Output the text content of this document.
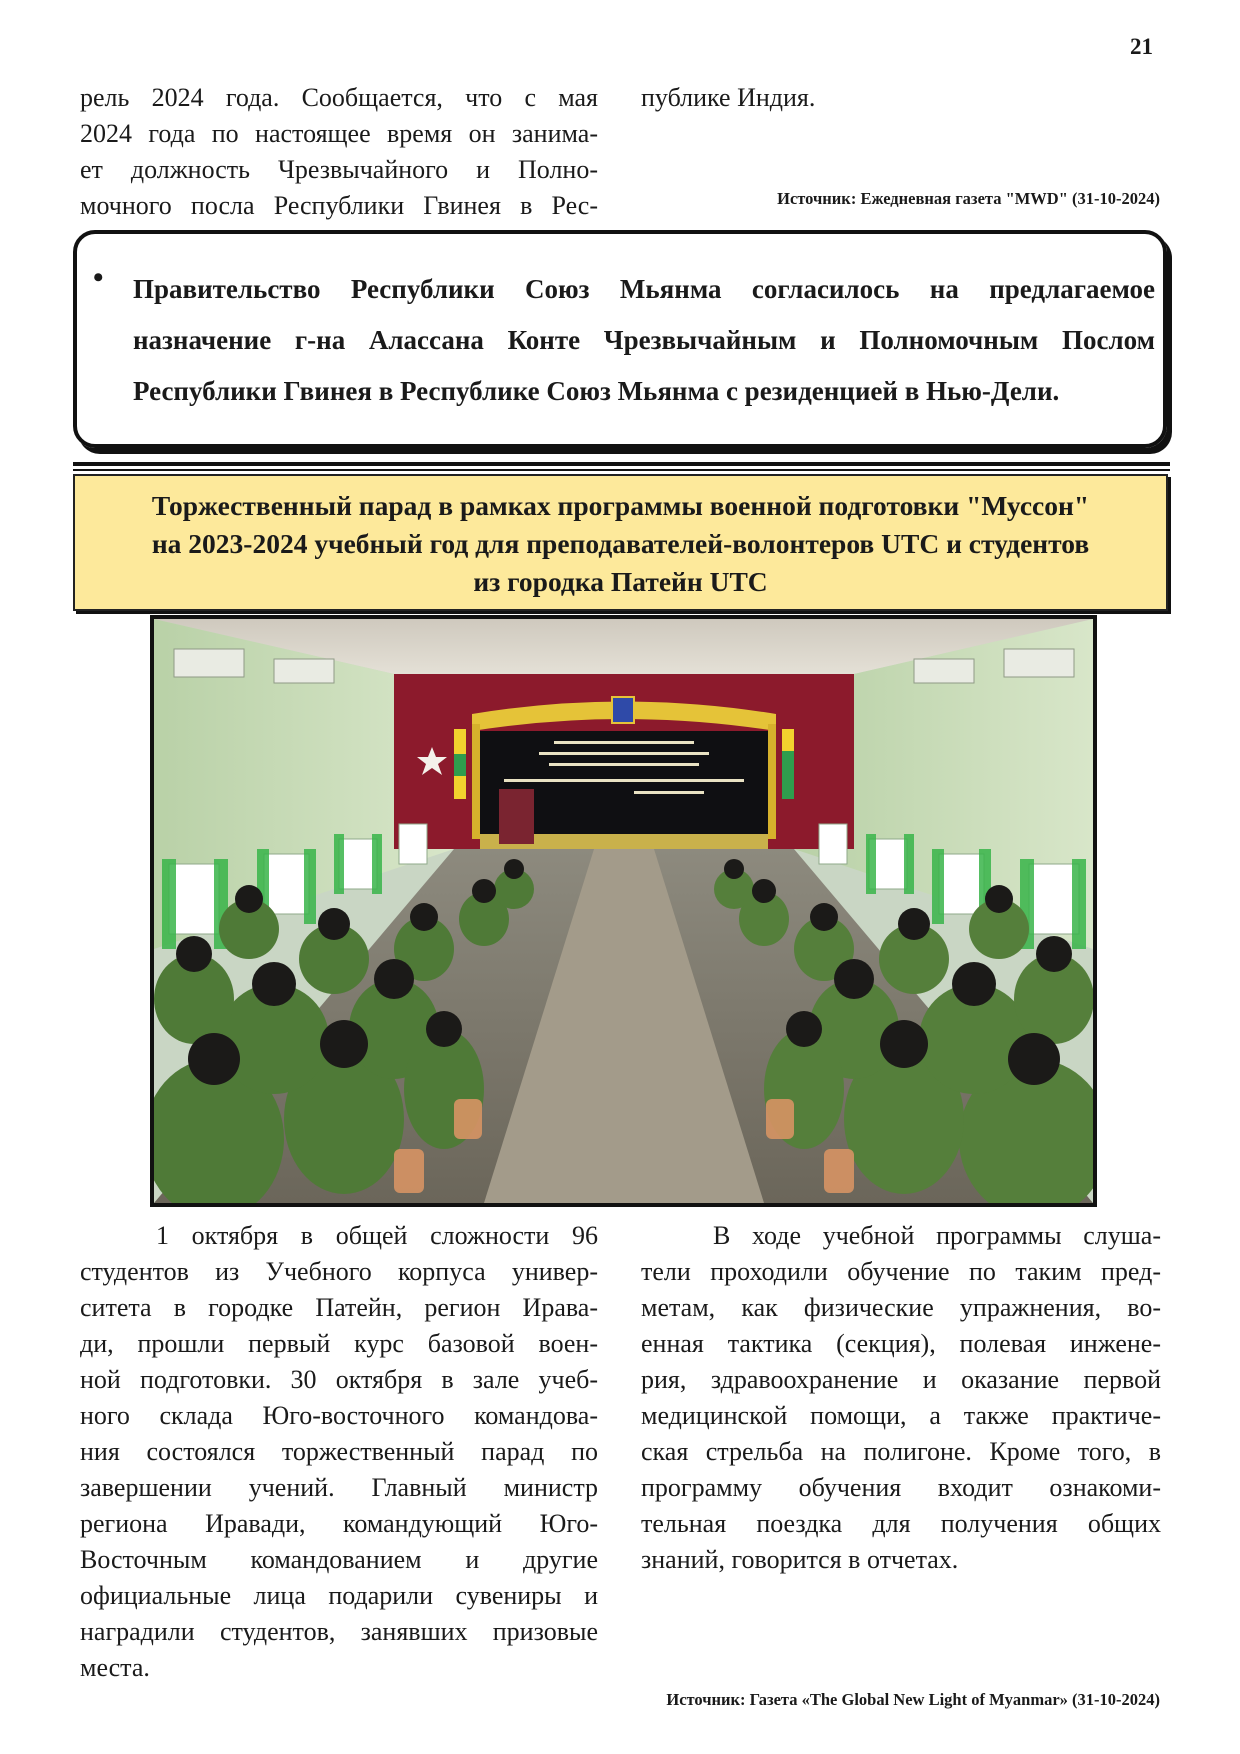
21
рель 2024 года. Сообщается, что с мая
2024 года по настоящее время он занима-
ет должность Чрезвычайного и Полно-
мочного посла Республики Гвинея в Рес-
публике Индия.
Источник: Ежедневная газета "MWD" (31-10-2024)
• Правительство Республики Союз Мьянма согласилось на предлагаемое назначение г-на Алассана Конте Чрезвычайным и Полномочным Послом Республики Гвинея в Республике Союз Мьянма с резиденцией в Нью-Дели.
Торжественный парад в рамках программы военной подготовки "Муссон"
на 2023-2024 учебный год для преподавателей-волонтеров UTC и студентов
из городка Патейн UTC
1 октября в общей сложности 96
студентов из Учебного корпуса универ-
ситета в городке Патейн, регион Ирава-
ди, прошли первый курс базовой воен-
ной подготовки. 30 октября в зале учеб-
ного склада Юго-восточного командова-
ния состоялся торжественный парад по
завершении учений. Главный министр
региона Иравади, командующий Юго-
Восточным командованием и другие
официальные лица подарили сувениры и
наградили студентов, занявших призовые
места.
В ходе учебной программы слуша-
тели проходили обучение по таким пред-
метам, как физические упражнения, во-
енная тактика (секция), полевая инжене-
рия, здравоохранение и оказание первой
медицинской помощи, а также практиче-
ская стрельба на полигоне. Кроме того, в
программу обучения входит ознакоми-
тельная поездка для получения общих
знаний, говорится в отчетах.
Источник: Газета «The Global New Light of Myanmar» (31-10-2024)
